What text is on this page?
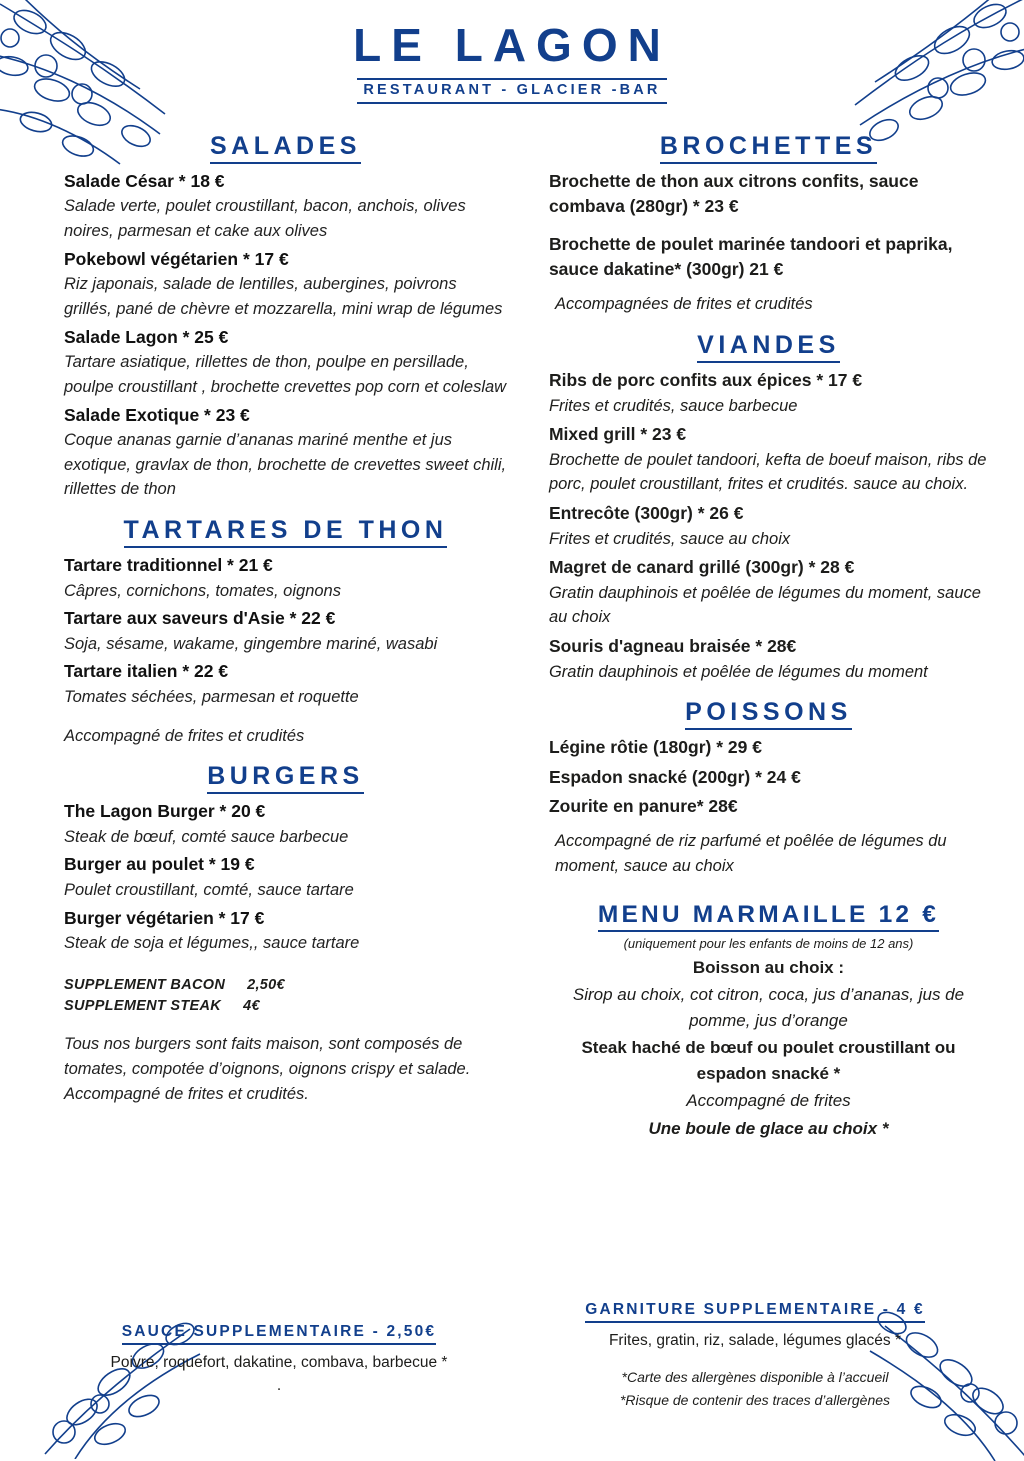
LE LAGON
RESTAURANT - GLACIER -BAR
SALADES

Salade César * 18 €

Salade verte, poulet croustillant, bacon, anchois, olives noires, parmesan et cake aux olives

Pokebowl végétarien * 17 €

Riz japonais, salade de lentilles, aubergines, poivrons grillés, pané de chèvre et mozzarella, mini wrap de légumes

Salade Lagon * 25 €

Tartare asiatique, rillettes de thon, poulpe en persillade, poulpe croustillant , brochette crevettes pop corn et coleslaw

Salade Exotique * 23 €

Coque ananas garnie d’ananas mariné menthe et jus exotique, gravlax de thon, brochette de crevettes sweet chili, rillettes de thon

TARTARES DE THON

Tartare traditionnel * 21 €

Câpres, cornichons, tomates, oignons

Tartare aux saveurs d'Asie * 22 €

Soja, sésame, wakame, gingembre mariné, wasabi

Tartare italien * 22 €

Tomates séchées, parmesan et roquette

Accompagné de frites et crudités

BURGERS

The Lagon Burger * 20 €

Steak de bœuf, comté sauce barbecue

Burger au poulet * 19 €

Poulet croustillant, comté, sauce tartare

Burger végétarien * 17 €

Steak de soja et légumes,, sauce tartare

SUPPLEMENT BACON 2,50€

SUPPLEMENT STEAK 4€

Tous nos burgers sont faits maison, sont composés de tomates, compotée d’oignons, oignons crispy et salade. Accompagné de frites et crudités.

BROCHETTES

Brochette de thon aux citrons confits, sauce combava (280gr) * 23 €

Brochette de poulet marinée tandoori et paprika, sauce dakatine* (300gr) 21 €

Accompagnées de frites et crudités

VIANDES

Ribs de porc confits aux épices * 17 €

Frites et crudités, sauce barbecue

Mixed grill * 23 €

Brochette de poulet tandoori, kefta de boeuf maison, ribs de porc, poulet croustillant, frites et crudités. sauce au choix.

Entrecôte (300gr) * 26 €

Frites et crudités, sauce au choix

Magret de canard grillé (300gr) * 28 €

Gratin dauphinois et poêlée de légumes du moment, sauce au choix

Souris d'agneau braisée * 28€

Gratin dauphinois et poêlée de légumes du moment

POISSONS

Légine rôtie (180gr) * 29 €

Espadon snacké (200gr) * 24 €

Zourite en panure* 28€

Accompagné de riz parfumé et poêlée de légumes du moment, sauce au choix

MENU MARMAILLE 12 €

(uniquement pour les enfants de moins de 12 ans)

Boisson au choix :

Sirop au choix, cot citron, coca, jus d’ananas, jus de pomme, jus d’orange

Steak haché de bœuf ou poulet croustillant ou espadon snacké *

Accompagné de frites

Une boule de glace au choix *

SAUCE SUPPLEMENTAIRE - 2,50€

Poivre, roquefort, dakatine, combava, barbecue *

.

GARNITURE SUPPLEMENTAIRE - 4 €

Frites, gratin, riz, salade, légumes glacés *

*Carte des allergènes disponible à l’accueil

*Risque de contenir des traces d’allergènes
